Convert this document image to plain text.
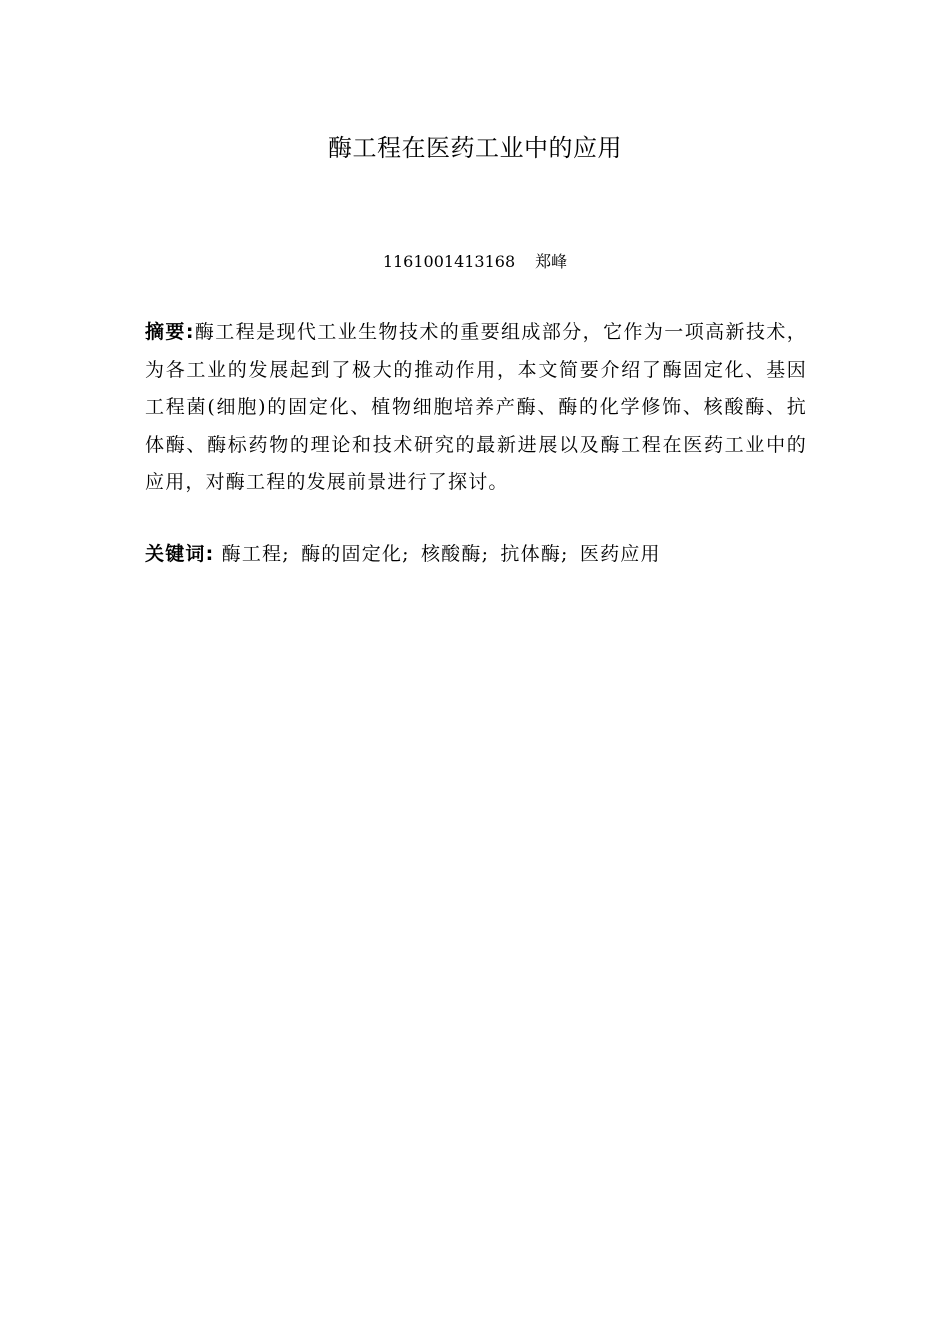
酶工程在医药工业中的应用
1161001413168 郑峰
摘要:酶工程是现代工业生物技术的重要组成部分，它作为一项高新技术，为各工业的发展起到了极大的推动作用，本文简要介绍了酶固定化、基因工程菌(细胞)的固定化、植物细胞培养产酶、酶的化学修饰、核酸酶、抗体酶、酶标药物的理论和技术研究的最新进展以及酶工程在医药工业中的应用，对酶工程的发展前景进行了探讨。
关键词: 酶工程; 酶的固定化; 核酸酶; 抗体酶; 医药应用
